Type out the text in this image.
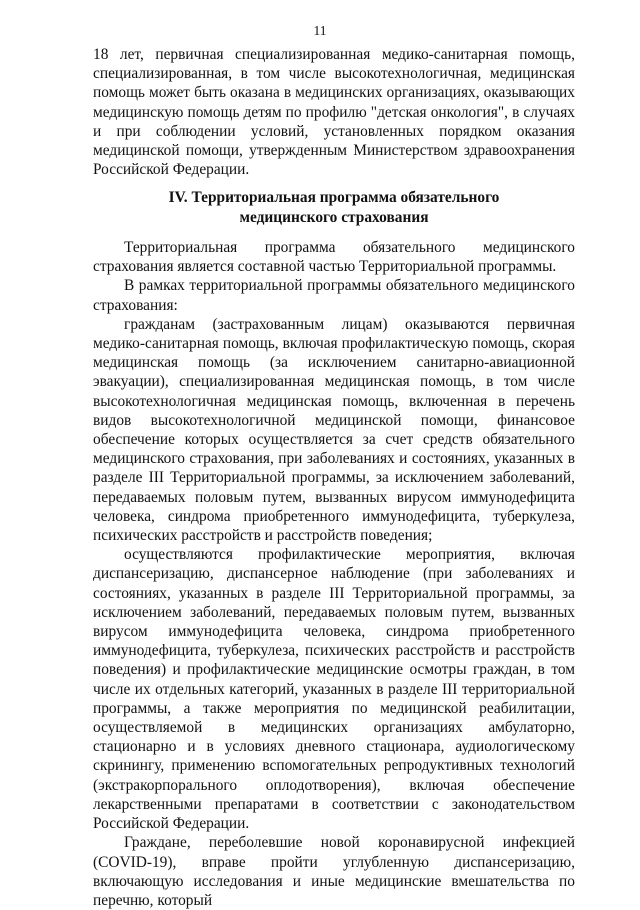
11

18 лет, первичная специализированная медико-санитарная помощь, специализированная, в том числе высокотехнологичная, медицинская помощь может быть оказана в медицинских организациях, оказывающих медицинскую помощь детям по профилю "детская онкология", в случаях и при соблюдении условий, установленных порядком оказания медицинской помощи, утвержденным Министерством здравоохранения Российской Федерации.

IV. Территориальная программа обязательного
медицинского страхования

Территориальная программа обязательного медицинского страхования является составной частью Территориальной программы.

В рамках территориальной программы обязательного медицинского страхования:

гражданам (застрахованным лицам) оказываются первичная медико-санитарная помощь, включая профилактическую помощь, скорая медицинская помощь (за исключением санитарно-авиационной эвакуации), специализированная медицинская помощь, в том числе высокотехнологичная медицинская помощь, включенная в перечень видов высокотехнологичной медицинской помощи, финансовое обеспечение которых осуществляется за счет средств обязательного медицинского страхования, при заболеваниях и состояниях, указанных в разделе III Территориальной программы, за исключением заболеваний, передаваемых половым путем, вызванных вирусом иммунодефицита человека, синдрома приобретенного иммунодефицита, туберкулеза, психических расстройств и расстройств поведения;

осуществляются профилактические мероприятия, включая диспансеризацию, диспансерное наблюдение (при заболеваниях и состояниях, указанных в разделе III Территориальной программы, за исключением заболеваний, передаваемых половым путем, вызванных вирусом иммунодефицита человека, синдрома приобретенного иммунодефицита, туберкулеза, психических расстройств и расстройств поведения) и профилактические медицинские осмотры граждан, в том числе их отдельных категорий, указанных в разделе III территориальной программы, а также мероприятия по медицинской реабилитации, осуществляемой в медицинских организациях амбулаторно, стационарно и в условиях дневного стационара, аудиологическому скринингу, применению вспомогательных репродуктивных технологий (экстракорпорального оплодотворения), включая обеспечение лекарственными препаратами в соответствии с законодательством Российской Федерации.

Граждане, переболевшие новой коронавирусной инфекцией (COVID-19), вправе пройти углубленную диспансеризацию, включающую исследования и иные медицинские вмешательства по перечню, который
